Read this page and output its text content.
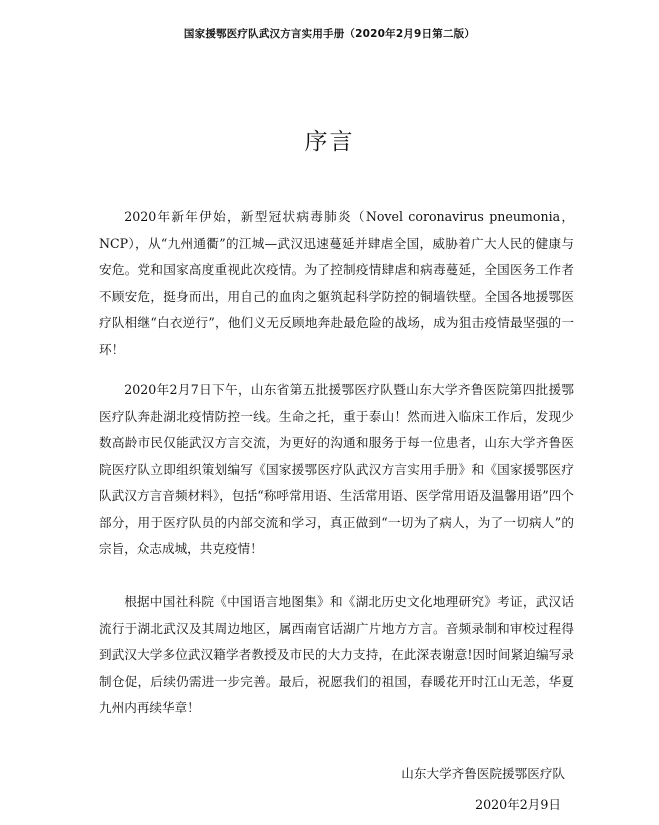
国家援鄂医疗队武汉方言实用手册（2020年2月9日第二版）
序言

2020年新年伊始，新型冠状病毒肺炎（Novel coronavirus pneumonia，NCP），从“九州通衢”的江城—武汉迅速蔓延并肆虐全国，威胁着广大人民的健康与安危。党和国家高度重视此次疫情。为了控制疫情肆虐和病毒蔓延，全国医务工作者不顾安危，挺身而出，用自己的血肉之躯筑起科学防控的铜墙铁壁。全国各地援鄂医疗队相继“白衣逆行”，他们义无反顾地奔赴最危险的战场，成为狙击疫情最坚强的一环！

2020年2月7日下午，山东省第五批援鄂医疗队暨山东大学齐鲁医院第四批援鄂医疗队奔赴湖北疫情防控一线。生命之托，重于泰山！然而进入临床工作后，发现少数高龄市民仅能武汉方言交流，为更好的沟通和服务于每一位患者，山东大学齐鲁医院医疗队立即组织策划编写《国家援鄂医疗队武汉方言实用手册》和《国家援鄂医疗队武汉方言音频材料》，包括“称呼常用语、生活常用语、医学常用语及温馨用语”四个部分，用于医疗队员的内部交流和学习，真正做到“一切为了病人，为了一切病人”的宗旨，众志成城，共克疫情！

根据中国社科院《中国语言地图集》和《湖北历史文化地理研究》考证，武汉话流行于湖北武汉及其周边地区，属西南官话湖广片地方方言。音频录制和审校过程得到武汉大学多位武汉籍学者教授及市民的大力支持，在此深表谢意!因时间紧迫编写录制仓促，后续仍需进一步完善。最后，祝愿我们的祖国，春暖花开时江山无恙，华夏九州内再续华章！

山东大学齐鲁医院援鄂医疗队
2020年2月9日
